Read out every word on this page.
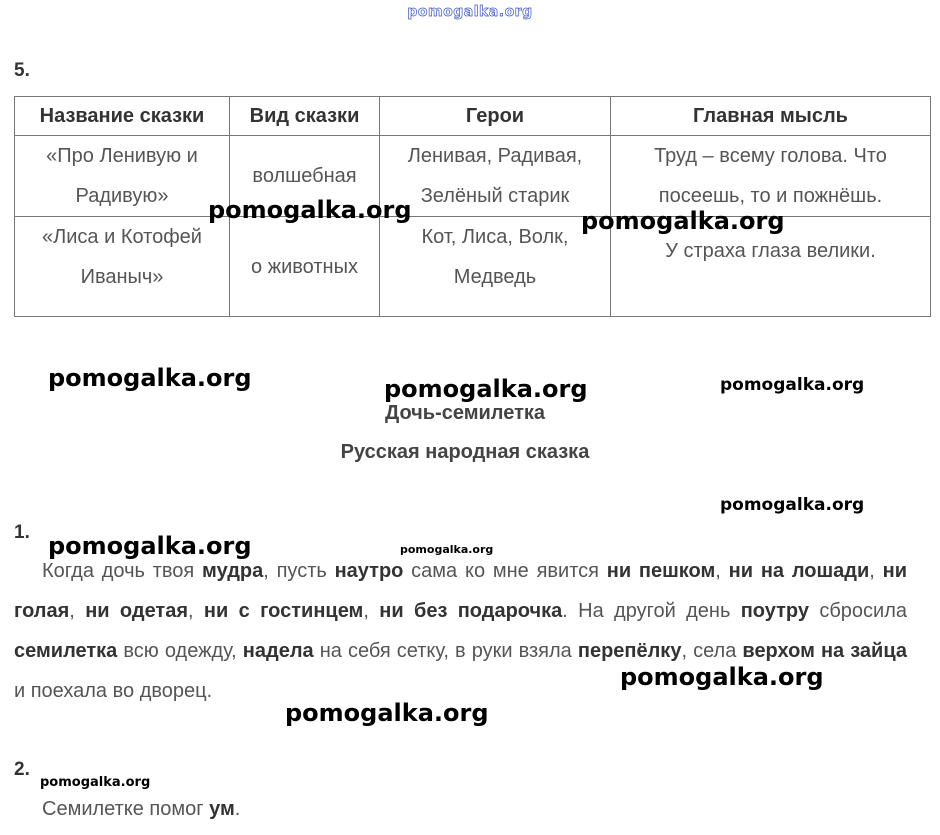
pomogalka.org
5.
Название сказки	Вид сказки	Герои	Главная мысль
«Про Ленивую и Радивую»	волшебная	Ленивая, Радивая, Зелёный старик	Труд – всему голова. Что посеешь, то и пожнёшь.
«Лиса и Котофей Иваныч»	о животных	Кот, Лиса, Волк, Медведь	У страха глаза велики.
Дочь-семилетка
Русская народная сказка
1.
Когда дочь твоя мудра, пусть наутро сама ко мне явится ни пешком, ни на лошади, ни голая, ни одетая, ни с гостинцем, ни без подарочка. На другой день поутру сбросила семилетка всю одежду, надела на себя сетку, в руки взяла перепёлку, села верхом на зайца и поехала во дворец.
2.
Семилетке помог ум.
pomogalka.org	pomogalka.org
pomogalka.org	pomogalka.org	pomogalka.org
pomogalka.org
pomogalka.org	pomogalka.org
pomogalka.org
pomogalka.org
pomogalka.org
